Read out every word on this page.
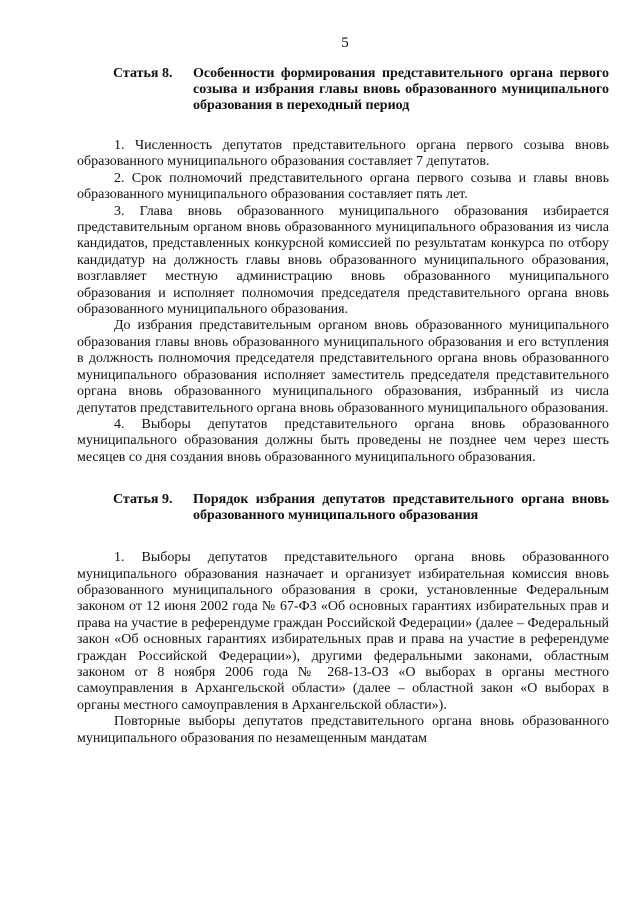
5
Статья 8.	Особенности формирования представительного органа первого созыва и избрания главы вновь образованного муниципального образования в переходный период

1. Численность депутатов представительного органа первого созыва вновь образованного муниципального образования составляет 7 депутатов.

2. Срок полномочий представительного органа первого созыва и главы вновь образованного муниципального образования составляет пять лет.

3. Глава вновь образованного муниципального образования избирается представительным органом вновь образованного муниципального образования из числа кандидатов, представленных конкурсной комиссией по результатам конкурса по отбору кандидатур на должность главы вновь образованного муниципального образования, возглавляет местную администрацию вновь образованного муниципального образования и исполняет полномочия председателя представительного органа вновь образованного муниципального образования.

До избрания представительным органом вновь образованного муниципального образования главы вновь образованного муниципального образования и его вступления в должность полномочия председателя представительного органа вновь образованного муниципального образования исполняет заместитель председателя представительного органа вновь образованного муниципального образования, избранный из числа депутатов представительного органа вновь образованного муниципального образования.

4. Выборы депутатов представительного органа вновь образованного муниципального образования должны быть проведены не позднее чем через шесть месяцев со дня создания вновь образованного муниципального образования.

Статья 9.	Порядок избрания депутатов представительного органа вновь образованного муниципального образования

1. Выборы депутатов представительного органа вновь образованного муниципального образования назначает и организует избирательная комиссия вновь образованного муниципального образования в сроки, установленные Федеральным законом от 12 июня 2002 года № 67-ФЗ «Об основных гарантиях избирательных прав и права на участие в референдуме граждан Российской Федерации» (далее – Федеральный закон «Об основных гарантиях избирательных прав и права на участие в референдуме граждан Российской Федерации»), другими федеральными законами, областным законом от 8 ноября 2006 года № 268-13-ОЗ «О выборах в органы местного самоуправления в Архангельской области» (далее – областной закон «О выборах в органы местного самоуправления в Архангельской области»).

Повторные выборы депутатов представительного органа вновь образованного муниципального образования по незамещенным мандатам
